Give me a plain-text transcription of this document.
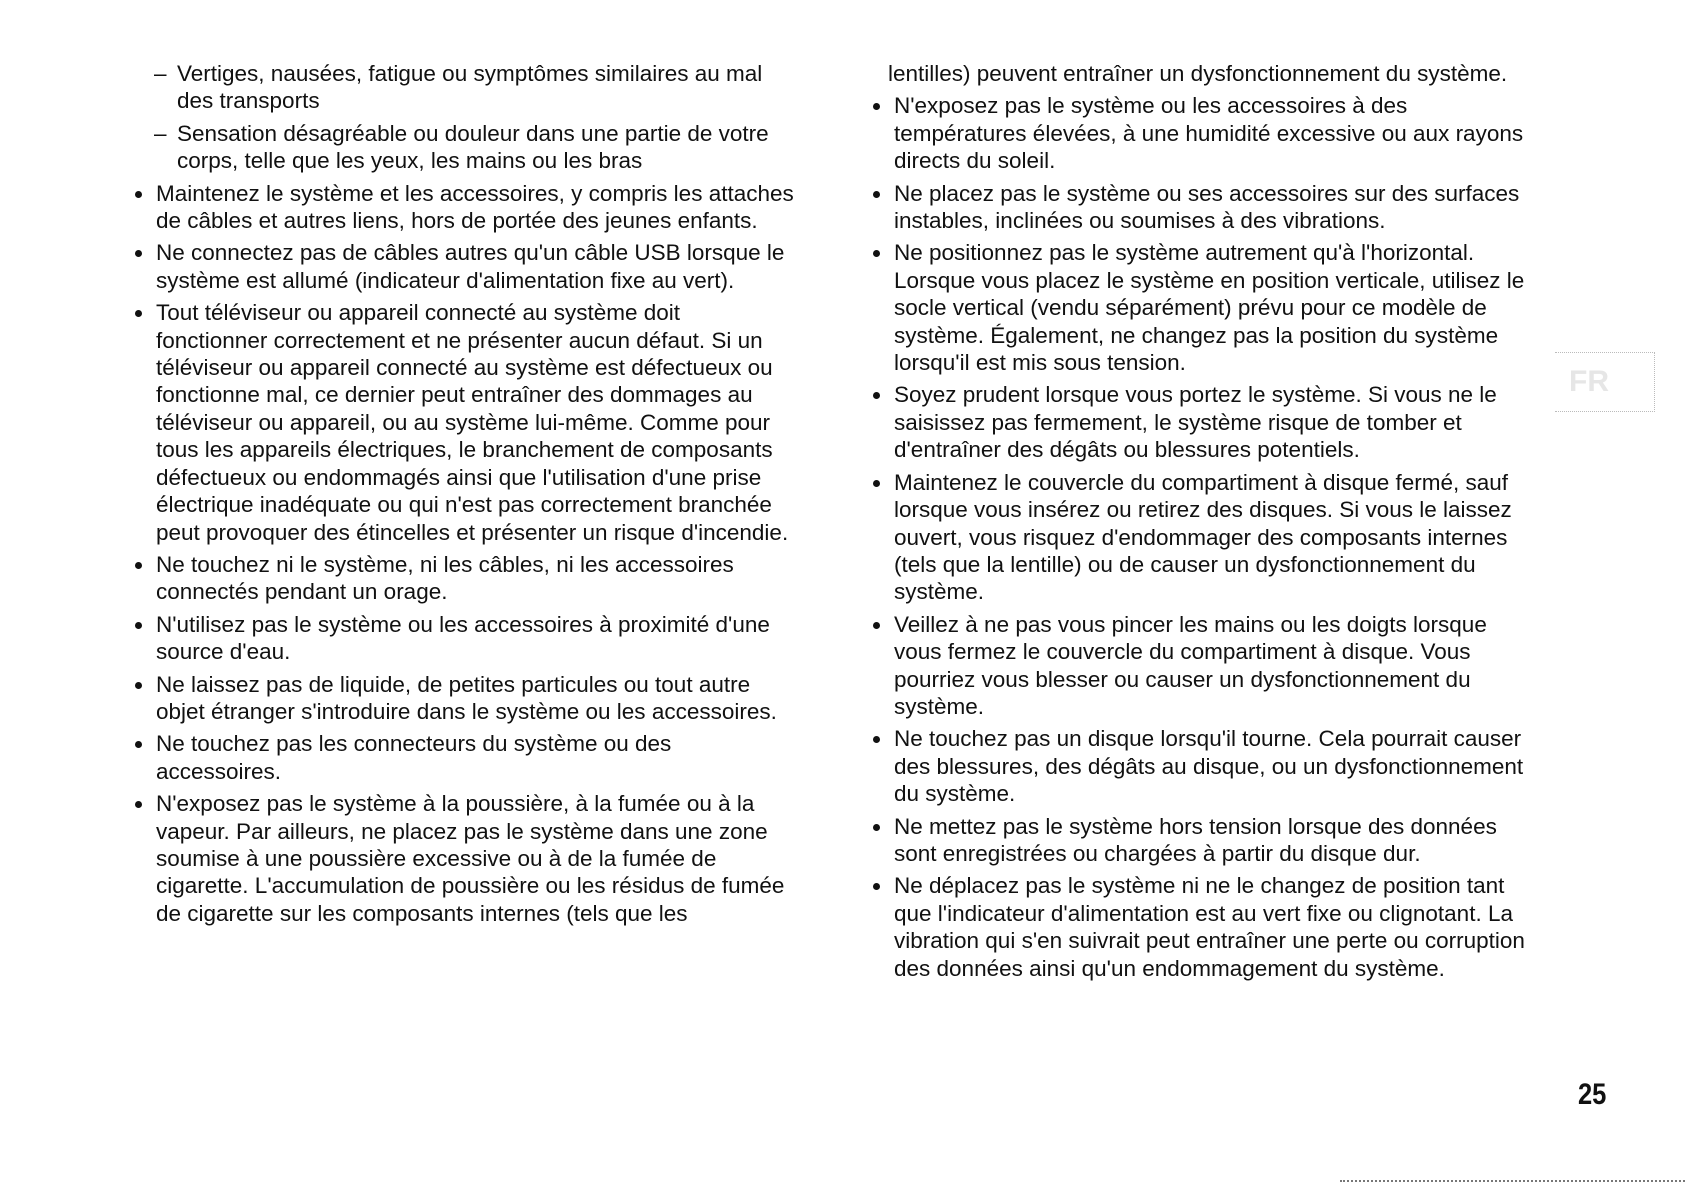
– Vertiges, nausées, fatigue ou symptômes similaires au mal des transports
– Sensation désagréable ou douleur dans une partie de votre corps, telle que les yeux, les mains ou les bras
Maintenez le système et les accessoires, y compris les attaches de câbles et autres liens, hors de portée des jeunes enfants.
Ne connectez pas de câbles autres qu'un câble USB lorsque le système est allumé (indicateur d'alimentation fixe au vert).
Tout téléviseur ou appareil connecté au système doit fonctionner correctement et ne présenter aucun défaut. Si un téléviseur ou appareil connecté au système est défectueux ou fonctionne mal, ce dernier peut entraîner des dommages au téléviseur ou appareil, ou au système lui-même. Comme pour tous les appareils électriques, le branchement de composants défectueux ou endommagés ainsi que l'utilisation d'une prise électrique inadéquate ou qui n'est pas correctement branchée peut provoquer des étincelles et présenter un risque d'incendie.
Ne touchez ni le système, ni les câbles, ni les accessoires connectés pendant un orage.
N'utilisez pas le système ou les accessoires à proximité d'une source d'eau.
Ne laissez pas de liquide, de petites particules ou tout autre objet étranger s'introduire dans le système ou les accessoires.
Ne touchez pas les connecteurs du système ou des accessoires.
N'exposez pas le système à la poussière, à la fumée ou à la vapeur. Par ailleurs, ne placez pas le système dans une zone soumise à une poussière excessive ou à de la fumée de cigarette. L'accumulation de poussière ou les résidus de fumée de cigarette sur les composants internes (tels que les
lentilles) peuvent entraîner un dysfonctionnement du système.
N'exposez pas le système ou les accessoires à des températures élevées, à une humidité excessive ou aux rayons directs du soleil.
Ne placez pas le système ou ses accessoires sur des surfaces instables, inclinées ou soumises à des vibrations.
Ne positionnez pas le système autrement qu'à l'horizontal. Lorsque vous placez le système en position verticale, utilisez le socle vertical (vendu séparément) prévu pour ce modèle de système. Également, ne changez pas la position du système lorsqu'il est mis sous tension.
Soyez prudent lorsque vous portez le système. Si vous ne le saisissez pas fermement, le système risque de tomber et d'entraîner des dégâts ou blessures potentiels.
Maintenez le couvercle du compartiment à disque fermé, sauf lorsque vous insérez ou retirez des disques. Si vous le laissez ouvert, vous risquez d'endommager des composants internes (tels que la lentille) ou de causer un dysfonctionnement du système.
Veillez à ne pas vous pincer les mains ou les doigts lorsque vous fermez le couvercle du compartiment à disque. Vous pourriez vous blesser ou causer un dysfonctionnement du système.
Ne touchez pas un disque lorsqu'il tourne. Cela pourrait causer des blessures, des dégâts au disque, ou un dysfonctionnement du système.
Ne mettez pas le système hors tension lorsque des données sont enregistrées ou chargées à partir du disque dur.
Ne déplacez pas le système ni ne le changez de position tant que l'indicateur d'alimentation est au vert fixe ou clignotant. La vibration qui s'en suivrait peut entraîner une perte ou corruption des données ainsi qu'un endommagement du système.
FR
25
